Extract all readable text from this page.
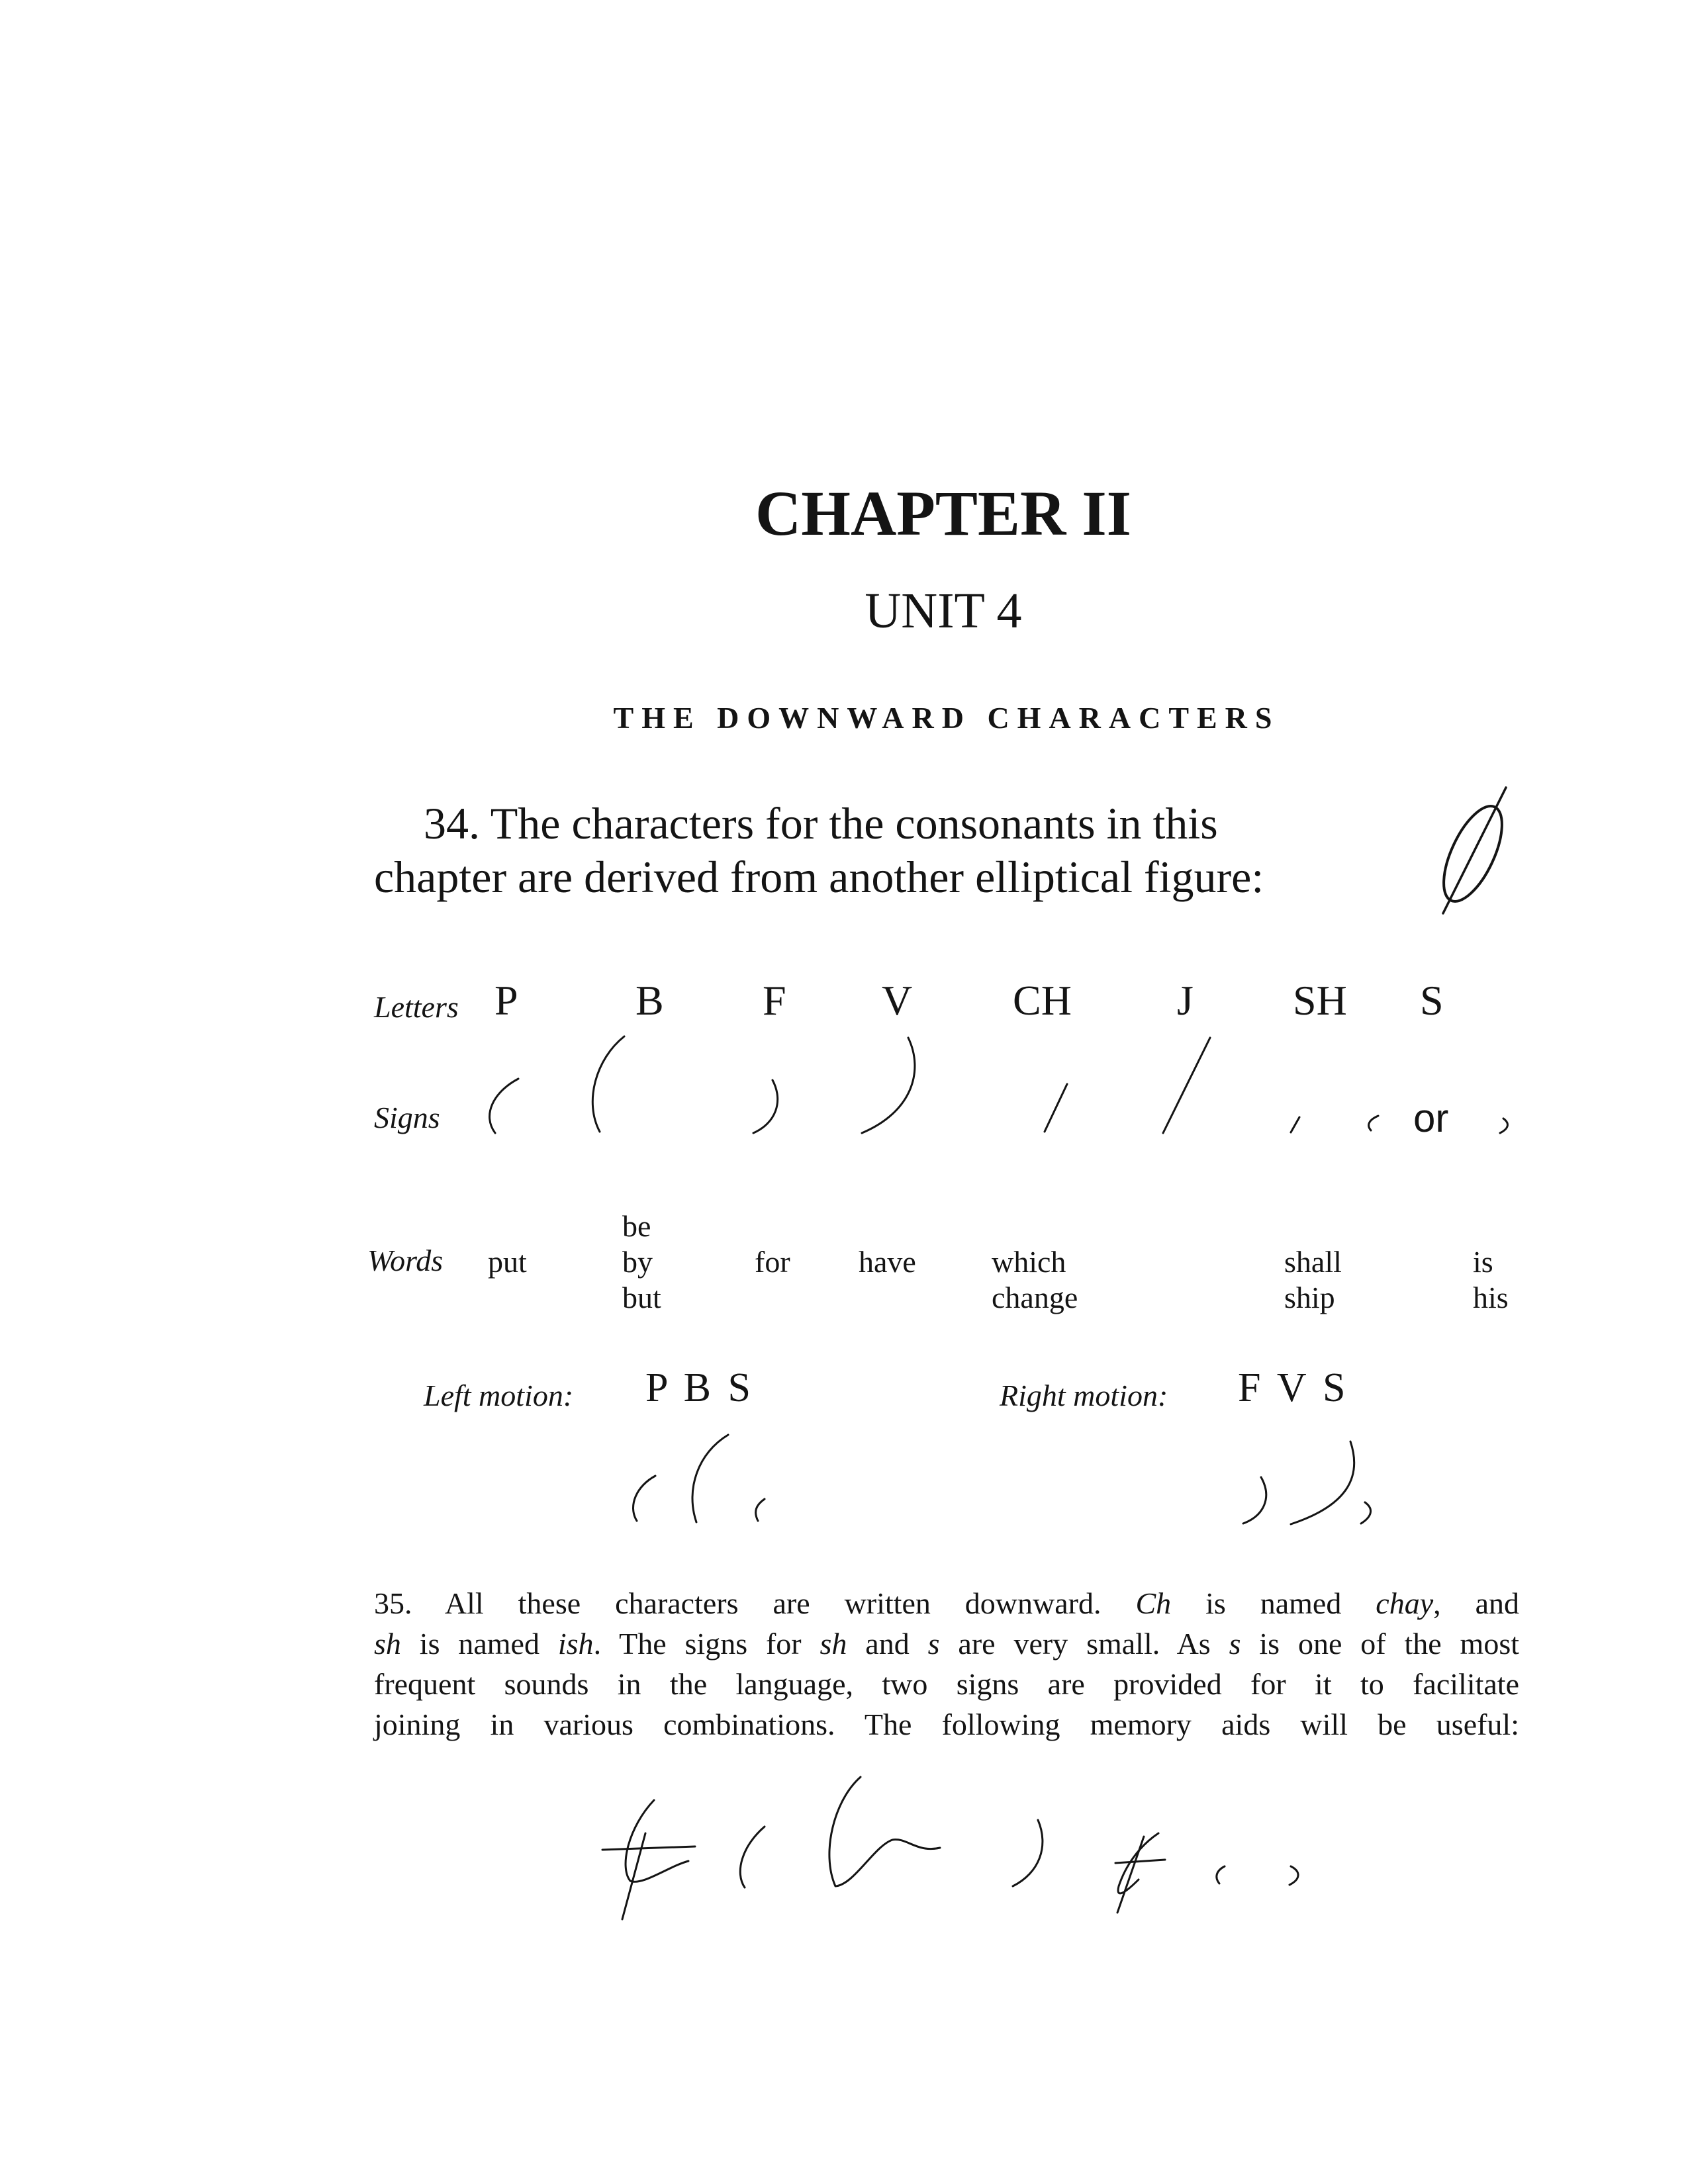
CHAPTER II
UNIT 4
THE DOWNWARD CHARACTERS
34. The characters for the consonants in this
chapter are derived from another elliptical figure:
Letters
Signs
Words
P	B F V CH J SH S
or
put
be
by
but
for have which
change
shall
ship
is
his
Left motion: P B S	Right motion: F V S
35. All these characters are written downward. Ch is named chay, and
sh is named ish. The signs for sh and s are very small. As s is one of the most
frequent sounds in the language, two signs are provided for it to facilitate
joining in various combinations. The following memory aids will be useful:
